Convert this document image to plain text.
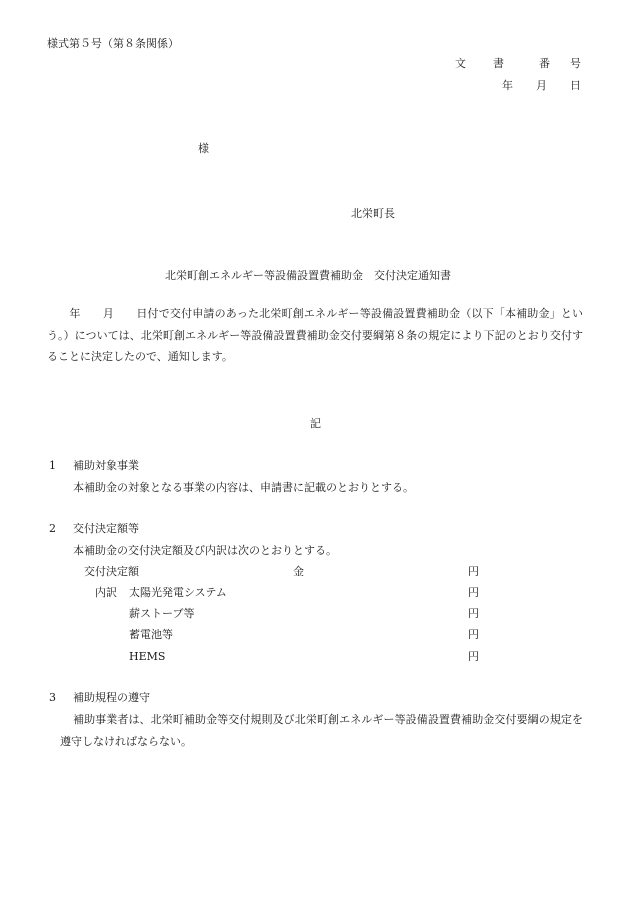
様式第５号（第８条関係）
文 書	番 号
年 月 日
様
北栄町長
北栄町創エネルギー等設備設置費補助金　交付決定通知書
　　年　　月　　日付で交付申請のあった北栄町創エネルギー等設備設置費補助金（以下「本補助金」という。）については、北栄町創エネルギー等設備設置費補助金交付要綱第８条の規定により下記のとおり交付することに決定したので、通知します。
記
1 補助対象事業
本補助金の対象となる事業の内容は、申請書に記載のとおりとする。
2 交付決定額等
本補助金の交付決定額及び内訳は次のとおりとする。
交付決定額	金	円
内訳 太陽光発電システム	円
薪ストーブ等	円
蓄電池等	円
HEMS	円
3 補助規程の遵守
補助事業者は、北栄町補助金等交付規則及び北栄町創エネルギー等設備設置費補助金交付要綱の規定を遵守しなければならない。
